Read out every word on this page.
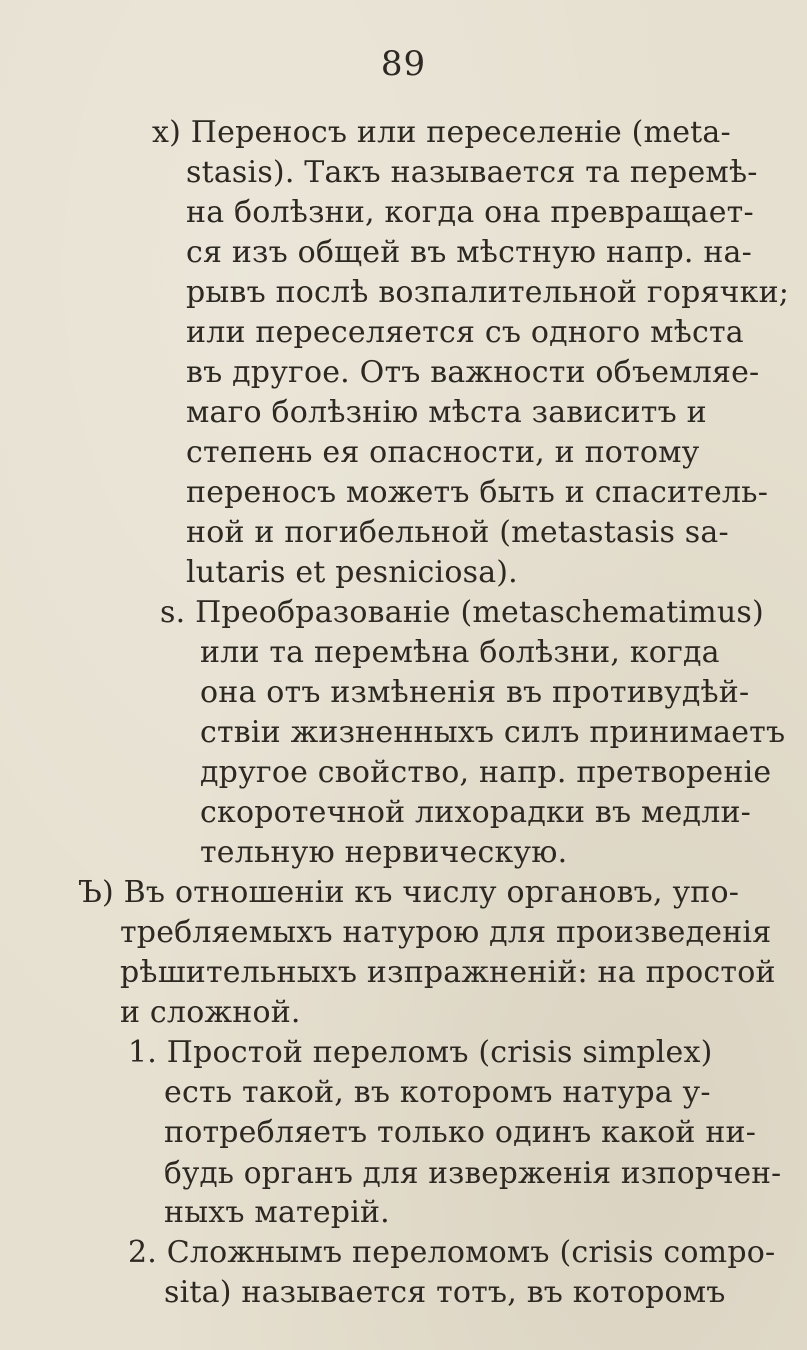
89
x) Переносъ или переселеніе (meta-
stasis). Такъ называется та перемѣ-
на болѣзни, когда она превращает-
ся изъ общей въ мѣстную напр. на-
рывъ послѣ возпалительной горячки;
или переселяется съ одного мѣста
въ другое. Отъ важности объемляе-
маго болѣзнію мѣста зависитъ и
степень ея опасности, и потому
переносъ можетъ быть и спаситель-
ной и погибельной (metastasis sa-
lutaris et pesniciosa).
s. Преобразованіе (metaschematimus)
или та перемѣна болѣзни, когда
она отъ измѣненія въ противудѣй-
ствіи жизненныхъ силъ принимаетъ
другое свойство, напр. претвореніе
скоротечной лихорадки въ медли-
тельную нервическую.
Ъ) Въ отношеніи къ числу органовъ, упо-
требляемыхъ натурою для произведенія
рѣшительныхъ изпражненій: на простой
и сложной.
1. Простой переломъ (crisis simplex)
есть такой, въ которомъ натура у-
потребляетъ только одинъ какой ни-
будь органъ для изверженія изпорчен-
ныхъ матерій.
2. Сложнымъ переломомъ (crisis compo-
sita) называется тотъ, въ которомъ
